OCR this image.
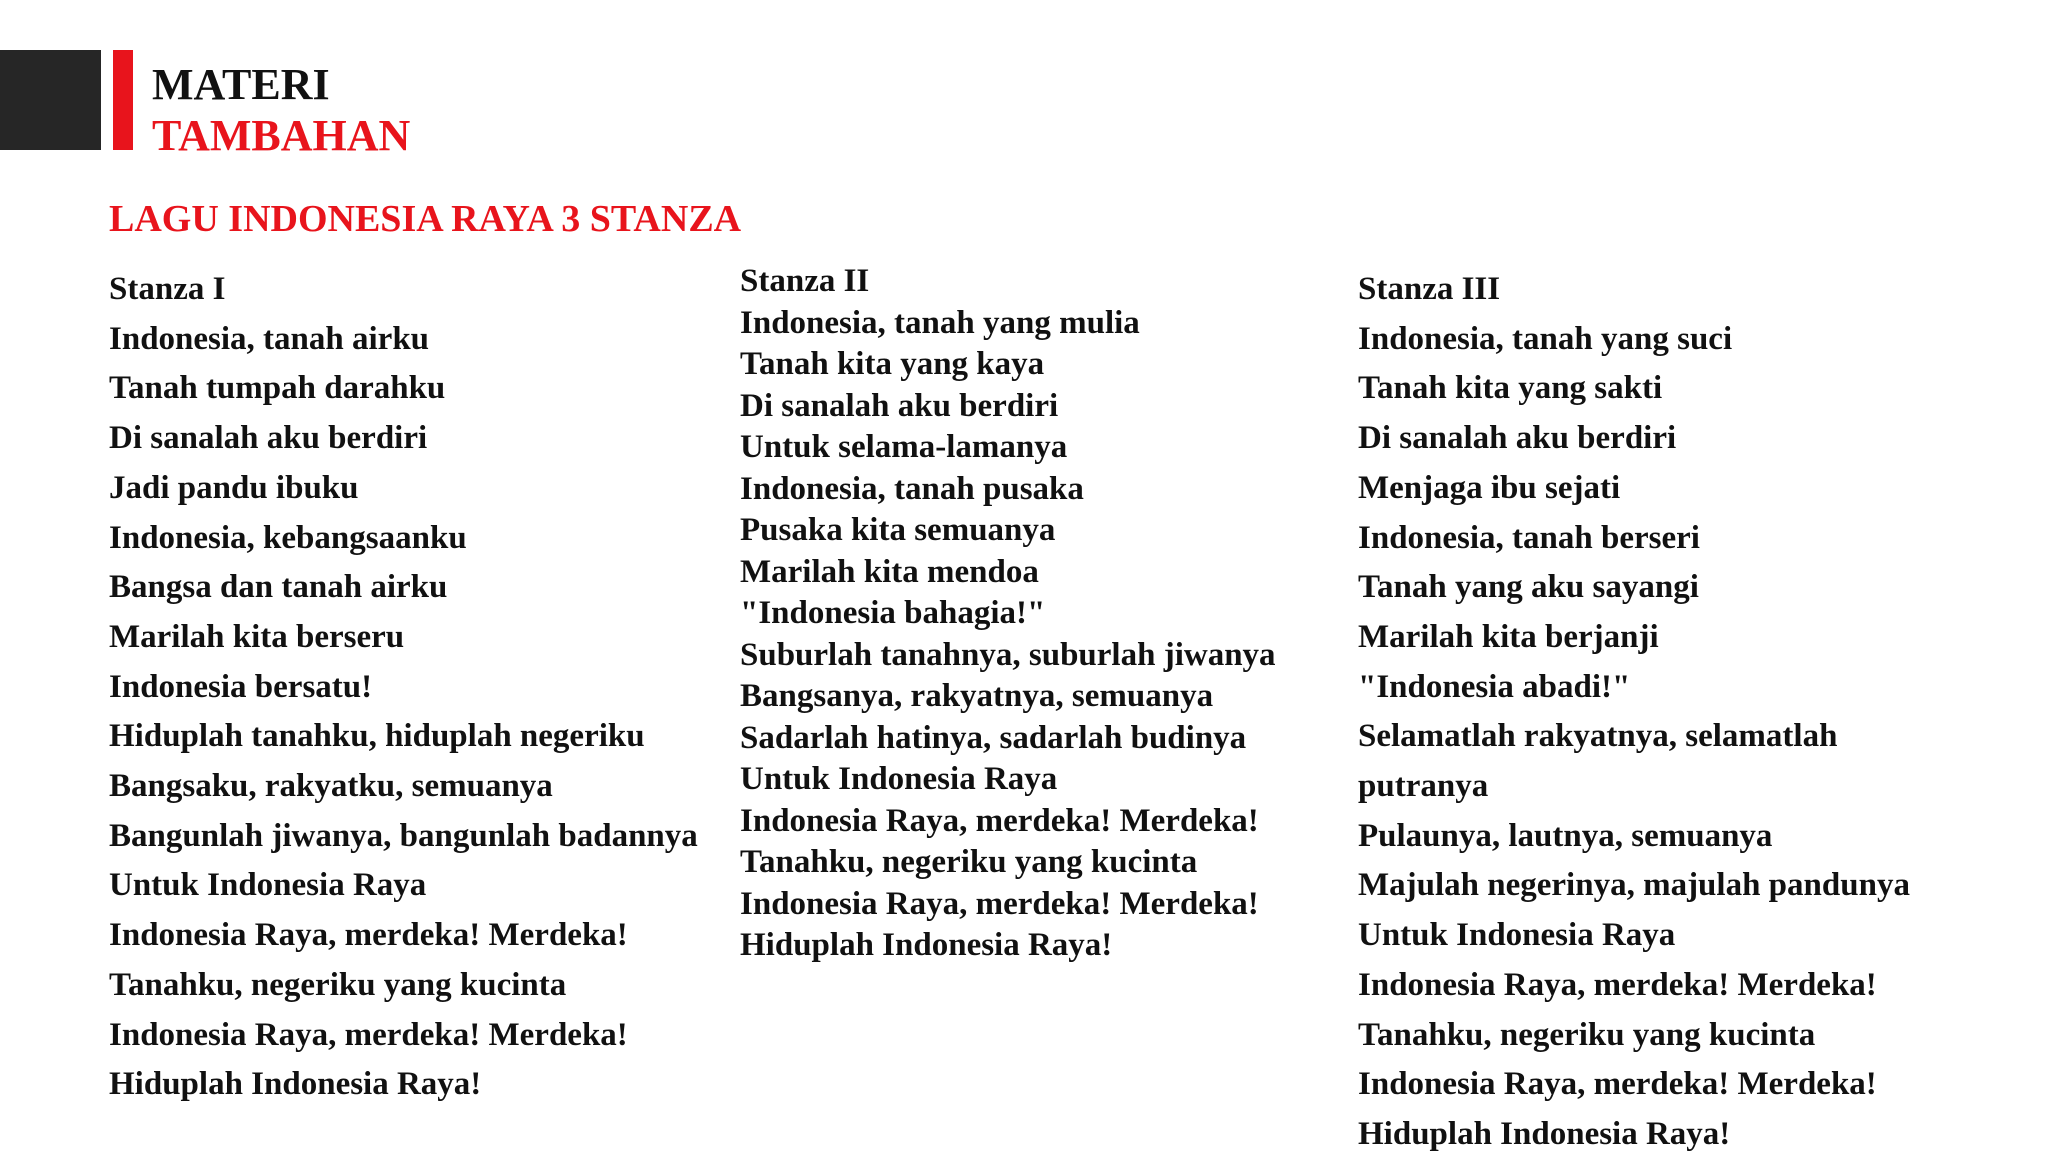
MATERI
TAMBAHAN
LAGU INDONESIA RAYA 3 STANZA
Stanza I
Indonesia, tanah airku
Tanah tumpah darahku
Di sanalah aku berdiri
Jadi pandu ibuku
Indonesia, kebangsaanku
Bangsa dan tanah airku
Marilah kita berseru
Indonesia bersatu!
Hiduplah tanahku, hiduplah negeriku
Bangsaku, rakyatku, semuanya
Bangunlah jiwanya, bangunlah badannya
Untuk Indonesia Raya
Indonesia Raya, merdeka! Merdeka!
Tanahku, negeriku yang kucinta
Indonesia Raya, merdeka! Merdeka!
Hiduplah Indonesia Raya!
Stanza II
Indonesia, tanah yang mulia
Tanah kita yang kaya
Di sanalah aku berdiri
Untuk selama-lamanya
Indonesia, tanah pusaka
Pusaka kita semuanya
Marilah kita mendoa
"Indonesia bahagia!"
Suburlah tanahnya, suburlah jiwanya
Bangsanya, rakyatnya, semuanya
Sadarlah hatinya, sadarlah budinya
Untuk Indonesia Raya
Indonesia Raya, merdeka! Merdeka!
Tanahku, negeriku yang kucinta
Indonesia Raya, merdeka! Merdeka!
Hiduplah Indonesia Raya!
Stanza III
Indonesia, tanah yang suci
Tanah kita yang sakti
Di sanalah aku berdiri
Menjaga ibu sejati
Indonesia, tanah berseri
Tanah yang aku sayangi
Marilah kita berjanji
"Indonesia abadi!"
Selamatlah rakyatnya, selamatlah
putranya
Pulaunya, lautnya, semuanya
Majulah negerinya, majulah pandunya
Untuk Indonesia Raya
Indonesia Raya, merdeka! Merdeka!
Tanahku, negeriku yang kucinta
Indonesia Raya, merdeka! Merdeka!
Hiduplah Indonesia Raya!
